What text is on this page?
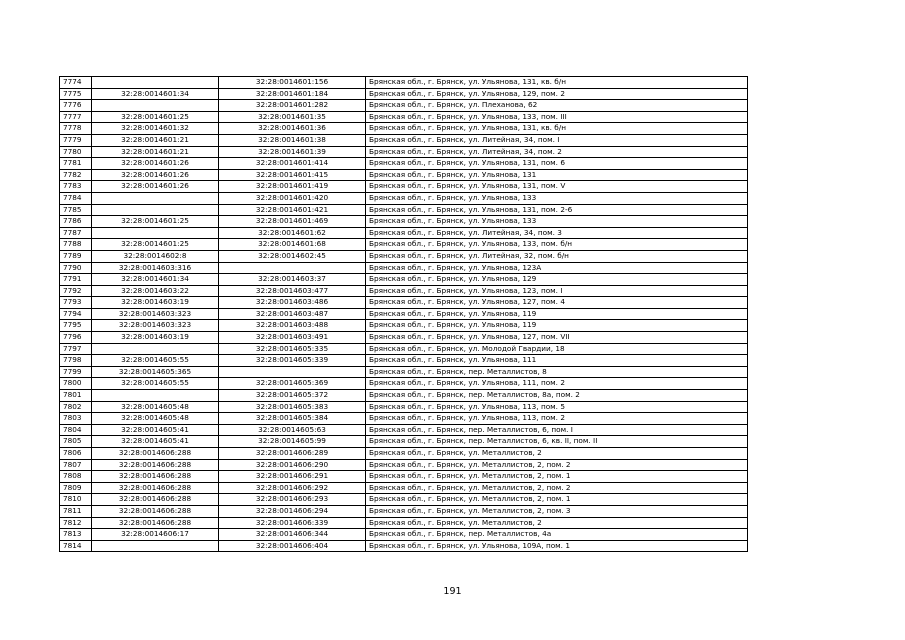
7774		32:28:0014601:156	Брянская обл., г. Брянск, ул. Ульянова, 131, кв. б/н
7775	32:28:0014601:34	32:28:0014601:184	Брянская обл., г. Брянск, ул. Ульянова, 129, пом. 2
7776		32:28:0014601:282	Брянская обл., г. Брянск, ул. Плеханова, 62
7777	32:28:0014601:25	32:28:0014601:35	Брянская обл., г. Брянск, ул. Ульянова, 133, пом. III
7778	32:28:0014601:32	32:28:0014601:36	Брянская обл., г. Брянск, ул. Ульянова, 131, кв. б/н
7779	32:28:0014601:21	32:28:0014601:38	Брянская обл., г. Брянск, ул. Литейная, 34, пом. I
7780	32:28:0014601:21	32:28:0014601:39	Брянская обл., г. Брянск, ул. Литейная, 34, пом. 2
7781	32:28:0014601:26	32:28:0014601:414	Брянская обл., г. Брянск, ул. Ульянова, 131, пом. 6
7782	32:28:0014601:26	32:28:0014601:415	Брянская обл., г. Брянск, ул. Ульянова, 131
7783	32:28:0014601:26	32:28:0014601:419	Брянская обл., г. Брянск, ул. Ульянова, 131, пом. V
7784		32:28:0014601:420	Брянская обл., г. Брянск, ул. Ульянова, 133
7785		32:28:0014601:421	Брянская обл., г. Брянск, ул. Ульянова, 131, пом. 2-6
7786	32:28:0014601:25	32:28:0014601:469	Брянская обл., г. Брянск, ул. Ульянова, 133
7787		32:28:0014601:62	Брянская обл., г. Брянск, ул. Литейная, 34, пом. 3
7788	32:28:0014601:25	32:28:0014601:68	Брянская обл., г. Брянск, ул. Ульянова, 133, пом. б/н
7789	32:28:0014602:8	32:28:0014602:45	Брянская обл., г. Брянск, ул. Литейная, 32, пом. б/н
7790	32:28:0014603:316		Брянская обл., г. Брянск, ул. Ульянова, 123А
7791	32:28:0014601:34	32:28:0014603:37	Брянская обл., г. Брянск, ул. Ульянова, 129
7792	32:28:0014603:22	32:28:0014603:477	Брянская обл., г. Брянск, ул. Ульянова, 123, пом. I
7793	32:28:0014603:19	32:28:0014603:486	Брянская обл., г. Брянск, ул. Ульянова, 127, пом. 4
7794	32:28:0014603:323	32:28:0014603:487	Брянская обл., г. Брянск, ул. Ульянова, 119
7795	32:28:0014603:323	32:28:0014603:488	Брянская обл., г. Брянск, ул. Ульянова, 119
7796	32:28:0014603:19	32:28:0014603:491	Брянская обл., г. Брянск, ул. Ульянова, 127, пом. VII
7797		32:28:0014605:335	Брянская обл., г. Брянск, ул. Молодой Гвардии, 18
7798	32:28:0014605:55	32:28:0014605:339	Брянская обл., г. Брянск, ул. Ульянова, 111
7799	32:28:0014605:365		Брянская обл., г. Брянск, пер. Металлистов, 8
7800	32:28:0014605:55	32:28:0014605:369	Брянская обл., г. Брянск, ул. Ульянова, 111, пом. 2
7801		32:28:0014605:372	Брянская обл., г. Брянск, пер. Металлистов, 8а, пом. 2
7802	32:28:0014605:48	32:28:0014605:383	Брянская обл., г. Брянск, ул. Ульянова, 113, пом. 5
7803	32:28:0014605:48	32:28:0014605:384	Брянская обл., г. Брянск, ул. Ульянова, 113, пом. 2
7804	32:28:0014605:41	32:28:0014605:63	Брянская обл., г. Брянск, пер. Металлистов, 6, пом. I
7805	32:28:0014605:41	32:28:0014605:99	Брянская обл., г. Брянск, пер. Металлистов, 6, кв. II, пом. II
7806	32:28:0014606:288	32:28:0014606:289	Брянская обл., г. Брянск, ул. Металлистов, 2
7807	32:28:0014606:288	32:28:0014606:290	Брянская обл., г. Брянск, ул. Металлистов, 2, пом. 2
7808	32:28:0014606:288	32:28:0014606:291	Брянская обл., г. Брянск, ул. Металлистов, 2, пом. 1
7809	32:28:0014606:288	32:28:0014606:292	Брянская обл., г. Брянск, ул. Металлистов, 2, пом. 2
7810	32:28:0014606:288	32:28:0014606:293	Брянская обл., г. Брянск, ул. Металлистов, 2, пом. 1
7811	32:28:0014606:288	32:28:0014606:294	Брянская обл., г. Брянск, ул. Металлистов, 2, пом. 3
7812	32:28:0014606:288	32:28:0014606:339	Брянская обл., г. Брянск, ул. Металлистов, 2
7813	32:28:0014606:17	32:28:0014606:344	Брянская обл., г. Брянск, пер. Металлистов, 4а
7814		32:28:0014606:404	Брянская обл., г. Брянск, ул. Ульянова, 109А, пом. 1
191
